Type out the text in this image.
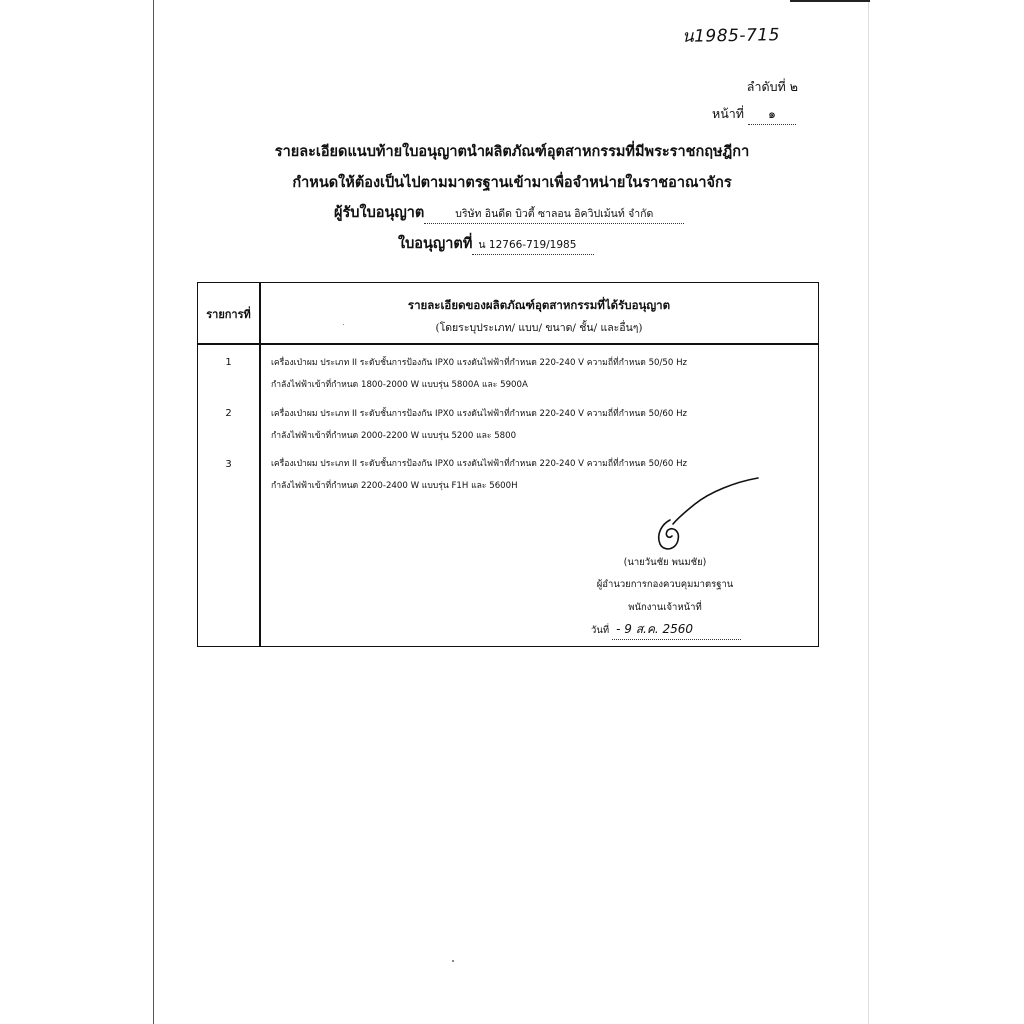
น1985-715
ลำดับที่ ๒
หน้าที่ ๑
รายละเอียดแนบท้ายใบอนุญาตนำผลิตภัณฑ์อุตสาหกรรมที่มีพระราชกฤษฎีกา
กำหนดให้ต้องเป็นไปตามมาตรฐานเข้ามาเพื่อจำหน่ายในราชอาณาจักร
ผู้รับใบอนุญาต	บริษัท อินดีด บิวตี้ ซาลอน อิควิปเม้นท์ จำกัด
ใบอนุญาตที่ น 12766-719/1985
รายการที่
รายละเอียดของผลิตภัณฑ์อุตสาหกรรมที่ได้รับอนุญาต
(โดยระบุประเภท/ แบบ/ ขนาด/ ชั้น/ และอื่นๆ)
1	เครื่องเป่าผม ประเภท II ระดับชั้นการป้องกัน IPX0 แรงดันไฟฟ้าที่กำหนด 220-240 V ความถี่ที่กำหนด 50/50 Hz
กำลังไฟฟ้าเข้าที่กำหนด 1800-2000 W แบบรุ่น 5800A และ 5900A
2	เครื่องเป่าผม ประเภท II ระดับชั้นการป้องกัน IPX0 แรงดันไฟฟ้าที่กำหนด 220-240 V ความถี่ที่กำหนด 50/60 Hz
กำลังไฟฟ้าเข้าที่กำหนด 2000-2200 W แบบรุ่น 5200 และ 5800
3	เครื่องเป่าผม ประเภท II ระดับชั้นการป้องกัน IPX0 แรงดันไฟฟ้าที่กำหนด 220-240 V ความถี่ที่กำหนด 50/60 Hz
กำลังไฟฟ้าเข้าที่กำหนด 2200-2400 W แบบรุ่น F1H และ 5600H
(นายวันชัย พนมชัย)
ผู้อำนวยการกองควบคุมมาตรฐาน
พนักงานเจ้าหน้าที่
วันที่ - 9 ส.ค. 2560
